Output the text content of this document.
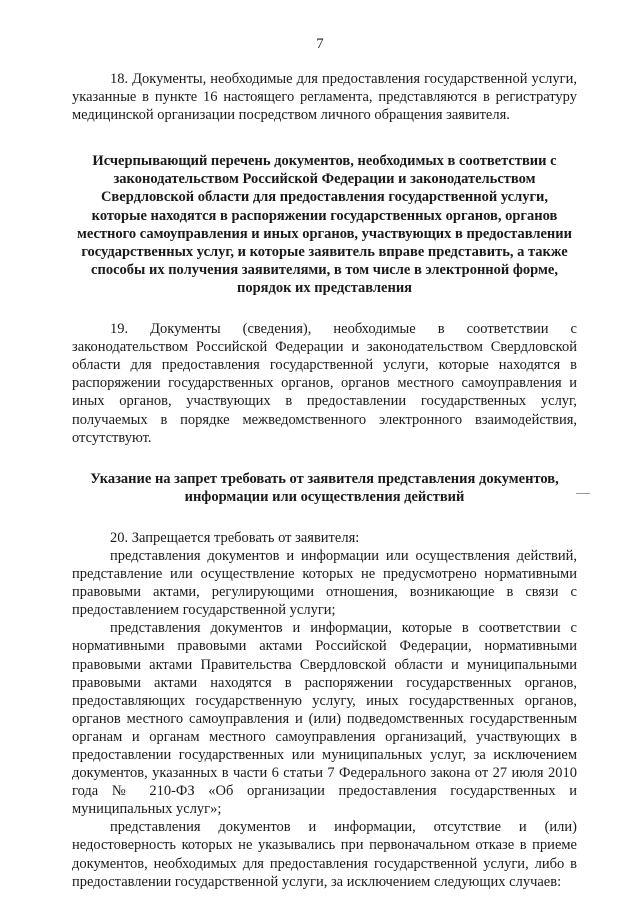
7

18. Документы, необходимые для предоставления государственной услуги, указанные в пункте 16 настоящего регламента, представляются в регистратуру медицинской организации посредством личного обращения заявителя.

Исчерпывающий перечень документов, необходимых в соответствии с законодательством Российской Федерации и законодательством Свердловской области для предоставления государственной услуги, которые находятся в распоряжении государственных органов, органов местного самоуправления и иных органов, участвующих в предоставлении государственных услуг, и которые заявитель вправе представить, а также способы их получения заявителями, в том числе в электронной форме, порядок их представления

19. Документы (сведения), необходимые в соответствии с законодательством Российской Федерации и законодательством Свердловской области для предоставления государственной услуги, которые находятся в распоряжении государственных органов, органов местного самоуправления и иных органов, участвующих в предоставлении государственных услуг, получаемых в порядке межведомственного электронного взаимодействия, отсутствуют.

Указание на запрет требовать от заявителя представления документов, информации или осуществления действий

20. Запрещается требовать от заявителя:

представления документов и информации или осуществления действий, представление или осуществление которых не предусмотрено нормативными правовыми актами, регулирующими отношения, возникающие в связи с предоставлением государственной услуги;

представления документов и информации, которые в соответствии с нормативными правовыми актами Российской Федерации, нормативными правовыми актами Правительства Свердловской области и муниципальными правовыми актами находятся в распоряжении государственных органов, предоставляющих государственную услугу, иных государственных органов, органов местного самоуправления и (или) подведомственных государственным органам и органам местного самоуправления организаций, участвующих в предоставлении государственных или муниципальных услуг, за исключением документов, указанных в части 6 статьи 7 Федерального закона от 27 июля 2010 года № 210-ФЗ «Об организации предоставления государственных и муниципальных услуг»;

представления документов и информации, отсутствие и (или) недостоверность которых не указывались при первоначальном отказе в приеме документов, необходимых для предоставления государственной услуги, либо в предоставлении государственной услуги, за исключением следующих случаев:
